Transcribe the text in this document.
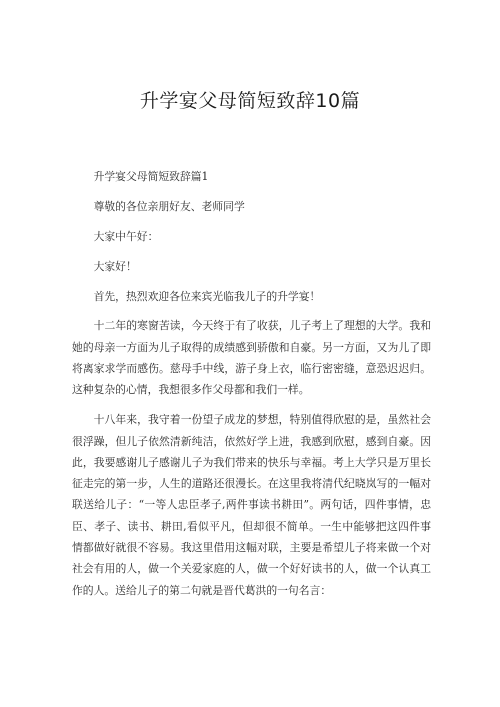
升学宴父母简短致辞10篇

升学宴父母简短致辞篇1

尊敬的各位亲朋好友、老师同学

大家中午好：

大家好！

首先，热烈欢迎各位来宾光临我儿子的升学宴！

十二年的寒窗苦读，今天终于有了收获，儿子考上了理想的大学。我和她的母亲一方面为儿子取得的成绩感到骄傲和自豪。另一方面，又为儿了即将离家求学而感伤。慈母手中线，游子身上衣，临行密密缝，意恐迟迟归。这种复杂的心情，我想很多作父母都和我们一样。

十八年来，我守着一份望子成龙的梦想，特别值得欣慰的是，虽然社会很浮躁，但儿子依然清新纯洁，依然好学上进，我感到欣慰，感到自豪。因此，我要感谢儿子感谢儿子为我们带来的快乐与幸福。考上大学只是万里长征走完的第一步，人生的道路还很漫长。在这里我将清代纪晓岚写的一幅对联送给儿子：“一等人忠臣孝子,两件事读书耕田”。两句话，四件事情，忠臣、孝子、读书、耕田,看似平凡，但却很不简单。一生中能够把这四件事情都做好就很不容易。我这里借用这幅对联，主要是希望儿子将来做一个对社会有用的人，做一个关爱家庭的人，做一个好好读书的人，做一个认真工作的人。送给儿子的第二句就是晋代葛洪的一句名言：
